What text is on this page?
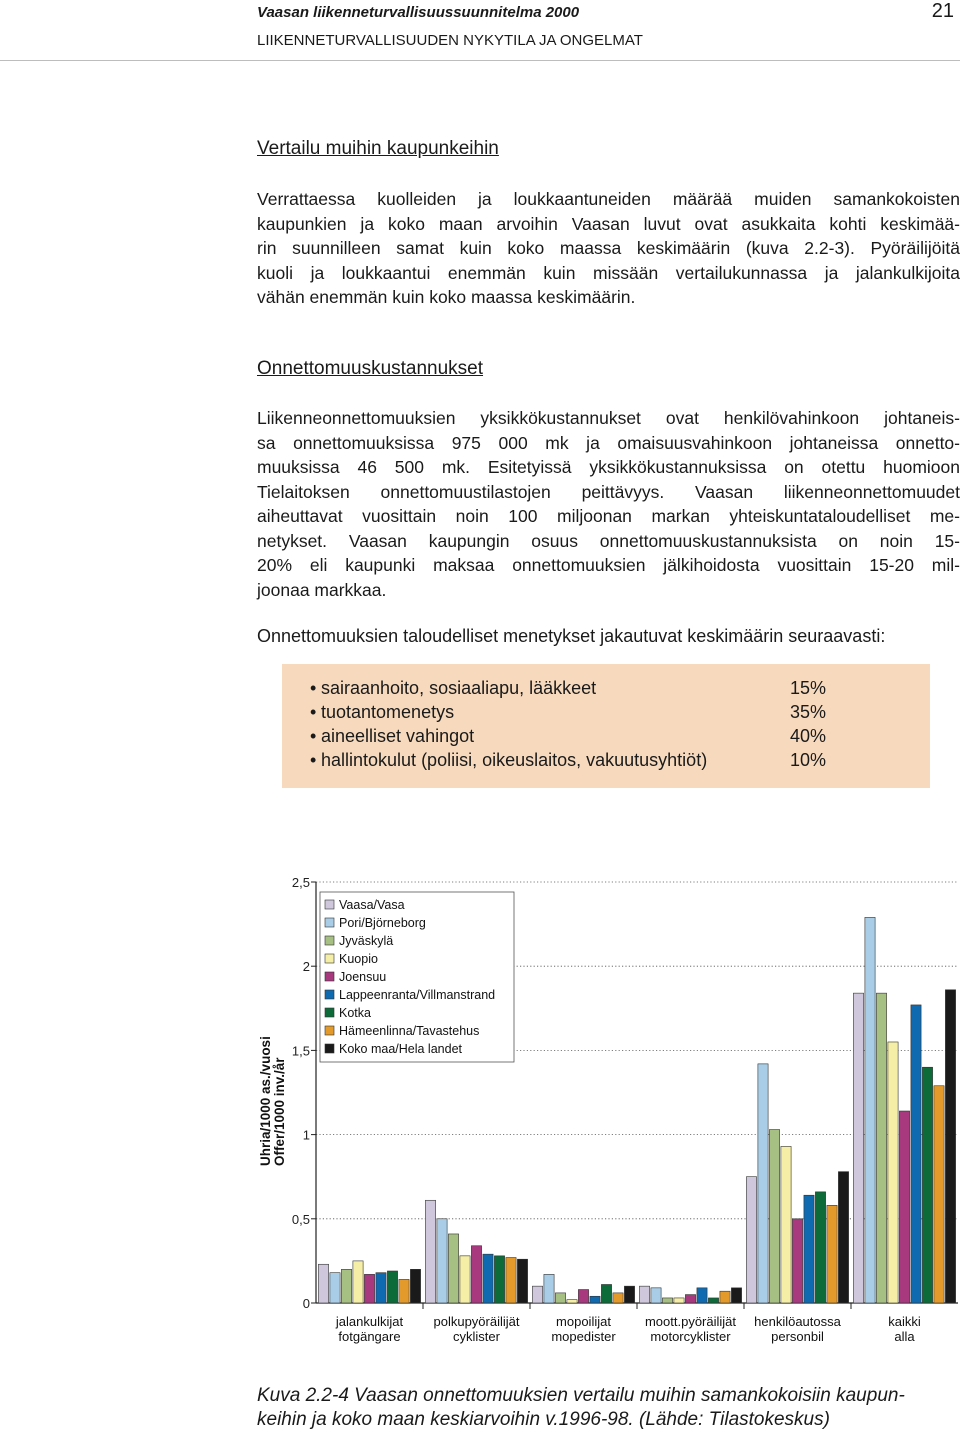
Vaasan liikenneturvallisuussuunnitelma 2000
LIIKENNETURVALLISUUDEN NYKYTILA JA ONGELMAT
21
Vertailu muihin kaupunkeihin
Verrattaessa kuolleiden ja loukkaantuneiden määrää muiden samankokoisten
kaupunkien ja koko maan arvoihin Vaasan luvut ovat asukkaita kohti keskimää-
rin suunnilleen samat kuin koko maassa keskimäärin (kuva 2.2-3). Pyöräilijöitä
kuoli ja loukkaantui enemmän kuin missään vertailukunnassa ja jalankulkijoita
vähän enemmän kuin koko maassa keskimäärin.
Onnettomuuskustannukset
Liikenneonnettomuuksien yksikkökustannukset ovat henkilövahinkoon johtaneis-
sa onnettomuuksissa 975 000 mk ja omaisuusvahinkoon johtaneissa onnetto-
muuksissa 46 500 mk. Esitetyissä yksikkökustannuksissa on otettu huomioon
Tielaitoksen onnettomuustilastojen peittävyys. Vaasan liikenneonnettomuudet
aiheuttavat vuosittain noin 100 miljoonan markan yhteiskuntataloudelliset me-
netykset. Vaasan kaupungin osuus onnettomuuskustannuksista on noin 15-
20% eli kaupunki maksaa onnettomuuksien jälkihoidosta vuosittain 15-20 mil-
joonaa markkaa.
Onnettomuuksien taloudelliset menetykset jakautuvat keskimäärin seuraavasti:
• sairaanhoito, sosiaaliapu, lääkkeet	15%
• tuotantomenetys	35%
• aineelliset vahingot	40%
• hallintokulut (poliisi, oikeuslaitos, vakuutusyhtiöt)	10%
0
0,5
1
1,5
2
2,5
Uhria/1000 as./vuosi Offer/1000 inv./år
jalankulkijat
fotgängare
polkupyöräilijät
cyklister
mopoilijat
mopedister
moott.pyöräilijät
motorcyklister
henkilöautossa
personbil
kaikki
alla
Vaasa/Vasa
Pori/Björneborg
Jyväskylä
Kuopio
Joensuu
Lappeenranta/Villmanstrand
Kotka
Hämeenlinna/Tavastehus
Koko maa/Hela landet
Kuva 2.2-4 Vaasan onnettomuuksien vertailu muihin samankokoisiin kaupun-
keihin ja koko maan keskiarvoihin v.1996-98. (Lähde: Tilastokeskus)
